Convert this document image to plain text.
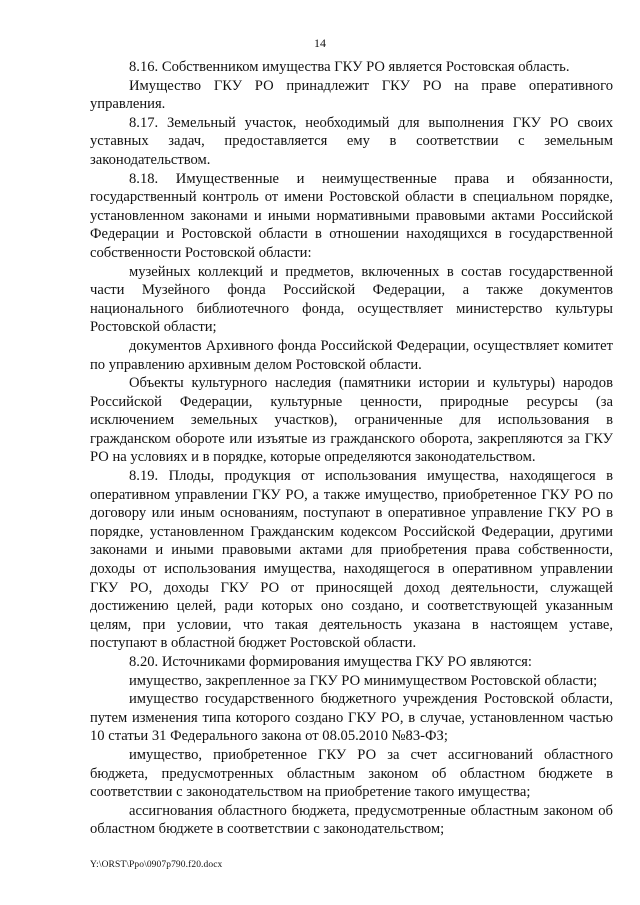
14

8.16. Собственником имущества ГКУ РО является Ростовская область.

Имущество ГКУ РО принадлежит ГКУ РО на праве оперативного управления.

8.17. Земельный участок, необходимый для выполнения ГКУ РО своих уставных задач, предоставляется ему в соответствии с земельным законодательством.

8.18. Имущественные и неимущественные права и обязанности, государственный контроль от имени Ростовской области в специальном порядке, установленном законами и иными нормативными правовыми актами Российской Федерации и Ростовской области в отношении находящихся в государственной собственности Ростовской области:

музейных коллекций и предметов, включенных в состав государственной части Музейного фонда Российской Федерации, а также документов национального библиотечного фонда, осуществляет министерство культуры Ростовской области;

документов Архивного фонда Российской Федерации, осуществляет комитет по управлению архивным делом Ростовской области.

Объекты культурного наследия (памятники истории и культуры) народов Российской Федерации, культурные ценности, природные ресурсы (за исключением земельных участков), ограниченные для использования в гражданском обороте или изъятые из гражданского оборота, закрепляются за ГКУ РО на условиях и в порядке, которые определяются законодательством.

8.19. Плоды, продукция от использования имущества, находящегося в оперативном управлении ГКУ РО, а также имущество, приобретенное ГКУ РО по договору или иным основаниям, поступают в оперативное управление ГКУ РО в порядке, установленном Гражданским кодексом Российской Федерации, другими законами и иными правовыми актами для приобретения права собственности, доходы от использования имущества, находящегося в оперативном управлении ГКУ РО, доходы ГКУ РО от приносящей доход деятельности, служащей достижению целей, ради которых оно создано, и соответствующей указанным целям, при условии, что такая деятельность указана в настоящем уставе, поступают в областной бюджет Ростовской области.

8.20. Источниками формирования имущества ГКУ РО являются:

имущество, закрепленное за ГКУ РО минимуществом Ростовской области;

имущество государственного бюджетного учреждения Ростовской области, путем изменения типа которого создано ГКУ РО, в случае, установленном частью 10 статьи 31 Федерального закона от 08.05.2010 №83-ФЗ;

имущество, приобретенное ГКУ РО за счет ассигнований областного бюджета, предусмотренных областным законом об областном бюджете в соответствии с законодательством на приобретение такого имущества;

ассигнования областного бюджета, предусмотренные областным законом об областном бюджете в соответствии с законодательством;

Y:\ORST\Ppo\0907p790.f20.docx
